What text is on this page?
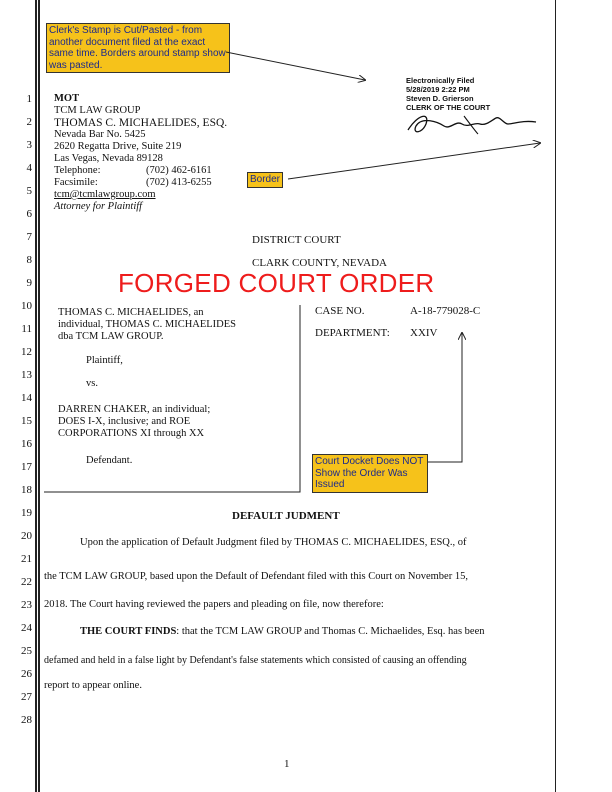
1
2
3
4
5
6
7
8
9
10
11
12
13
14
15
16
17
18
19
20
21
22
23
24
25
26
27
28
Clerk's Stamp is Cut/Pasted - from another document filed at the exact same time. Borders around stamp show was pasted.
Electronically Filed
5/28/2019 2:22 PM
Steven D. Grierson
CLERK OF THE COURT
MOT
TCM LAW GROUP
THOMAS C. MICHAELIDES, ESQ.
Nevada Bar No. 5425
2620 Regatta Drive, Suite 219
Las Vegas, Nevada 89128
Telephone:	(702) 462-6161
Facsimile:	(702) 413-6255
tcm@tcmlawgroup.com
Attorney for Plaintiff
Border
DISTRICT COURT
CLARK COUNTY, NEVADA
FORGED COURT ORDER
THOMAS C. MICHAELIDES, an
individual, THOMAS C. MICHAELIDES
dba TCM LAW GROUP.
Plaintiff,
vs.
DARREN CHAKER, an individual;
DOES I-X, inclusive; and ROE
CORPORATIONS XI through XX
Defendant.
CASE NO.	A-18-779028-C
DEPARTMENT: XXIV
Court Docket Does NOT Show the Order Was Issued
DEFAULT JUDMENT
Upon the application of Default Judgment filed by THOMAS C. MICHAELIDES, ESQ., of
the TCM LAW GROUP, based upon the Default of Defendant filed with this Court on November 15,
2018. The Court having reviewed the papers and pleading on file, now therefore:
THE COURT FINDS: that the TCM LAW GROUP and Thomas C. Michaelides, Esq. has been
defamed and held in a false light by Defendant's false statements which consisted of causing an offending
report to appear online.
1
